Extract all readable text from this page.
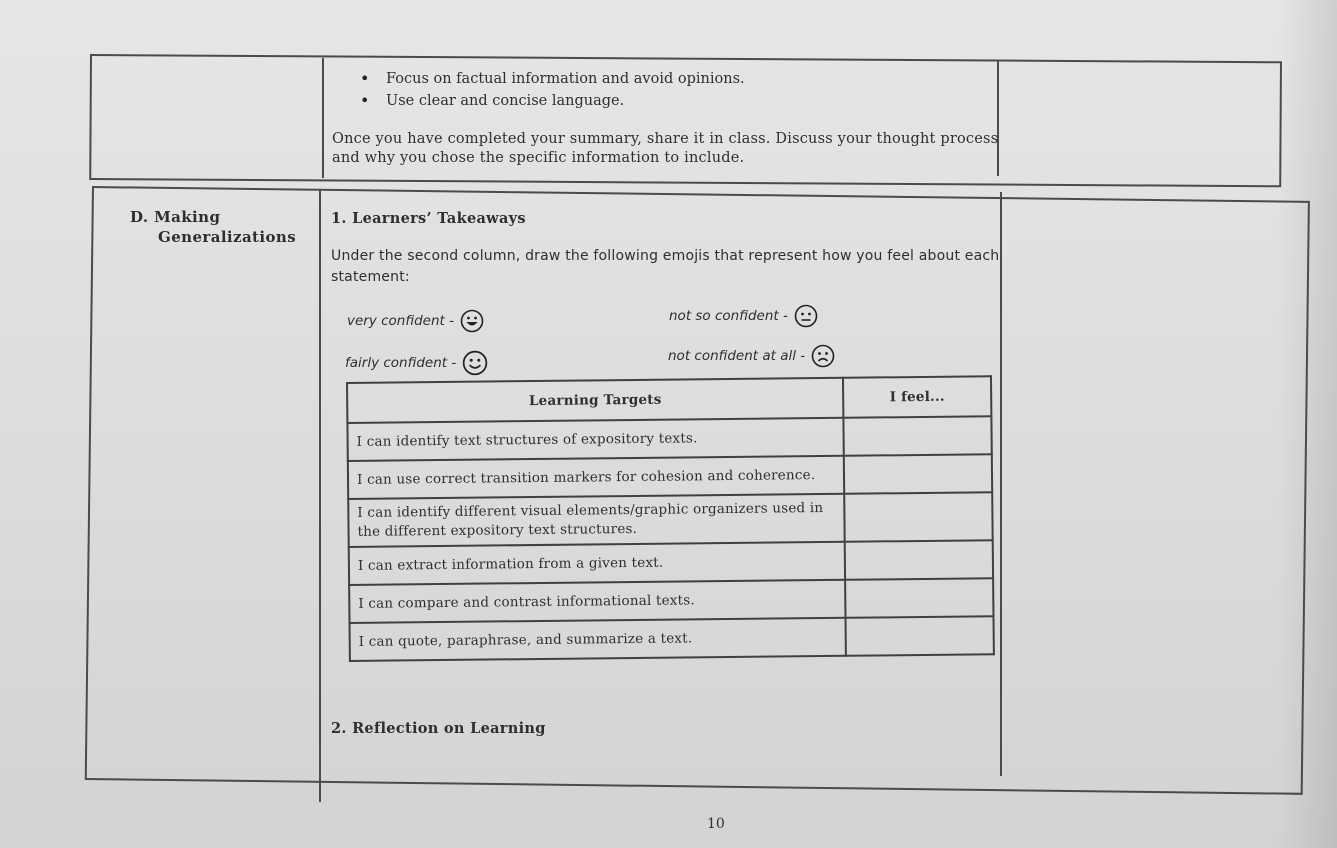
• Focus on factual information and avoid opinions.
• Use clear and concise language.
Once you have completed your summary, share it in class. Discuss your thought process and why you chose the specific information to include.
D. Making
Generalizations
1. Learners’ Takeaways
Under the second column, draw the following emojis that represent how you feel about each statement:
very confident -	not so confident -
fairly confident -	not confident at all -
Learning Targets	I feel...
I can identify text structures of expository texts.	
I can use correct transition markers for cohesion and coherence.	
I can identify different visual elements/graphic organizers used in the different expository text structures.	
I can extract information from a given text.	
I can compare and contrast informational texts.	
I can quote, paraphrase, and summarize a text.	
2. Reflection on Learning
10
